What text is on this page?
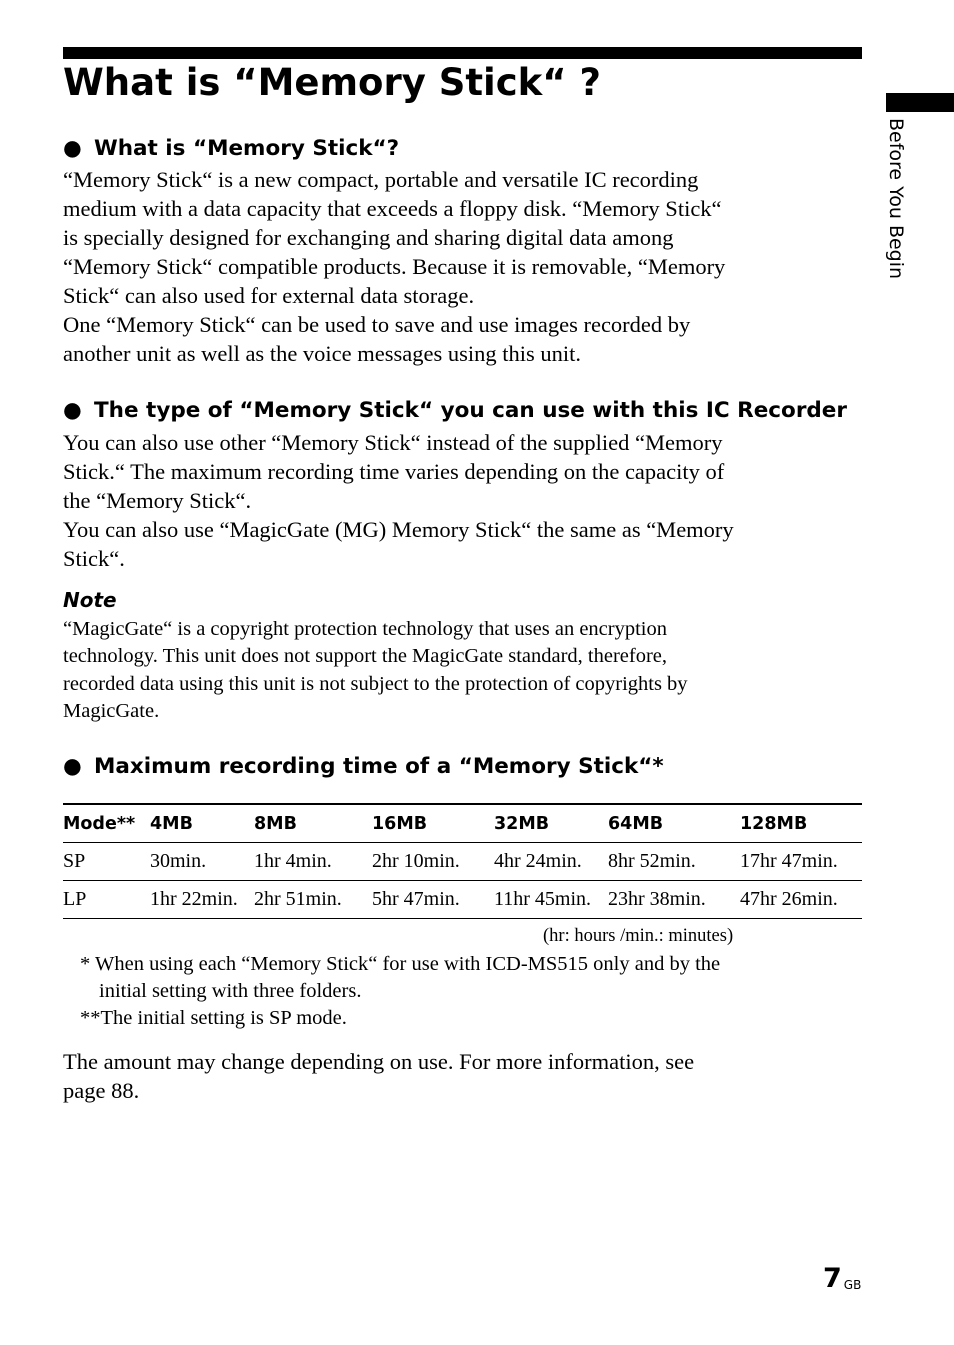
What is “Memory Stick“ ?
Before You Begin
● What is “Memory Stick“?

“Memory Stick“ is a new compact, portable and versatile IC recording
medium with a data capacity that exceeds a floppy disk. “Memory Stick“
is specially designed for exchanging and sharing digital data among
“Memory Stick“ compatible products. Because it is removable, “Memory
Stick“ can also used for external data storage.
One “Memory Stick“ can be used to save and use images recorded by
another unit as well as the voice messages using this unit.

● The type of “Memory Stick“ you can use with this IC Recorder

You can also use other “Memory Stick“ instead of the supplied “Memory
Stick.“ The maximum recording time varies depending on the capacity of
the “Memory Stick“.
You can also use “MagicGate (MG) Memory Stick“ the same as “Memory
Stick“.

Note

“MagicGate“ is a copyright protection technology that uses an encryption
technology. This unit does not support the MagicGate standard, therefore,
recorded data using this unit is not subject to the protection of copyrights by
MagicGate.

● Maximum recording time of a “Memory Stick“*
Mode**	4MB	8MB	16MB	32MB	64MB	128MB
SP	30min.	1hr 4min.	2hr 10min.	4hr 24min.	8hr 52min.	17hr 47min.
LP	1hr 22min.	2hr 51min.	5hr 47min.	11hr 45min.	23hr 38min.	47hr 26min.
(hr: hours /min.: minutes)

* When using each “Memory Stick“ for use with ICD-MS515 only and by the
initial setting with three folders.

**The initial setting is SP mode.

The amount may change depending on use. For more information, see
page 88.

7 $^{GB}$
